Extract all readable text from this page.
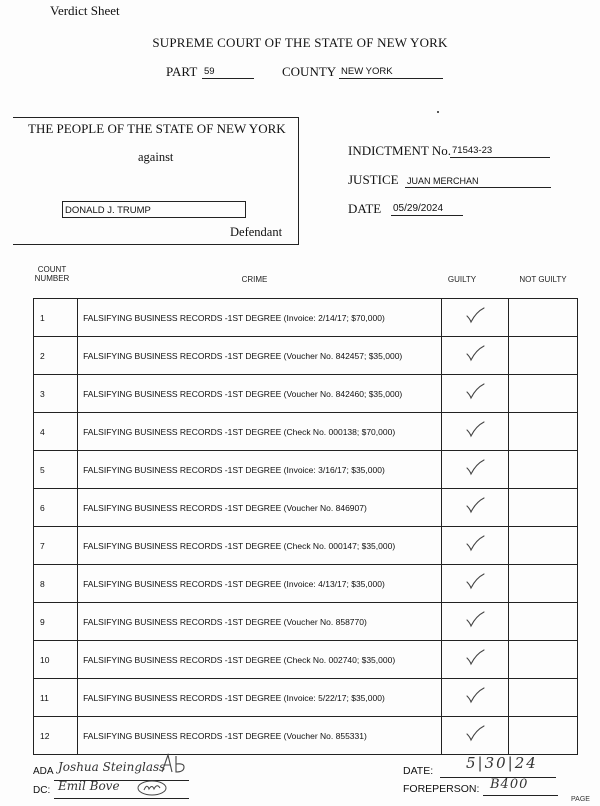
Verdict Sheet
SUPREME COURT OF THE STATE OF NEW YORK
PART 59	COUNTY NEW YORK
THE PEOPLE OF THE STATE OF NEW YORK
against
DONALD J. TRUMP
Defendant
INDICTMENT No. 71543-23
JUSTICE JUAN MERCHAN
DATE 05/29/2024
COUNT NUMBER	CRIME	GUILTY	NOT GUILTY
1	FALSIFYING BUSINESS RECORDS -1ST DEGREE (Invoice: 2/14/17; $70,000)		
2	FALSIFYING BUSINESS RECORDS -1ST DEGREE (Voucher No. 842457; $35,000)		
3	FALSIFYING BUSINESS RECORDS -1ST DEGREE (Voucher No. 842460; $35,000)		
4	FALSIFYING BUSINESS RECORDS -1ST DEGREE (Check No. 000138; $70,000)		
5	FALSIFYING BUSINESS RECORDS -1ST DEGREE (Invoice: 3/16/17; $35,000)		
6	FALSIFYING BUSINESS RECORDS -1ST DEGREE (Voucher No. 846907)		
7	FALSIFYING BUSINESS RECORDS -1ST DEGREE (Check No. 000147; $35,000)		
8	FALSIFYING BUSINESS RECORDS -1ST DEGREE (Invoice: 4/13/17; $35,000)		
9	FALSIFYING BUSINESS RECORDS -1ST DEGREE (Voucher No. 858770)		
10	FALSIFYING BUSINESS RECORDS -1ST DEGREE (Check No. 002740; $35,000)		
11	FALSIFYING BUSINESS RECORDS -1ST DEGREE (Invoice: 5/22/17; $35,000)		
12	FALSIFYING BUSINESS RECORDS -1ST DEGREE (Voucher No. 855331)		
ADA Joshua Steinglass
DC: Emil Bove
DATE: 5|30|24
FOREPERSON: B400
PAGE
